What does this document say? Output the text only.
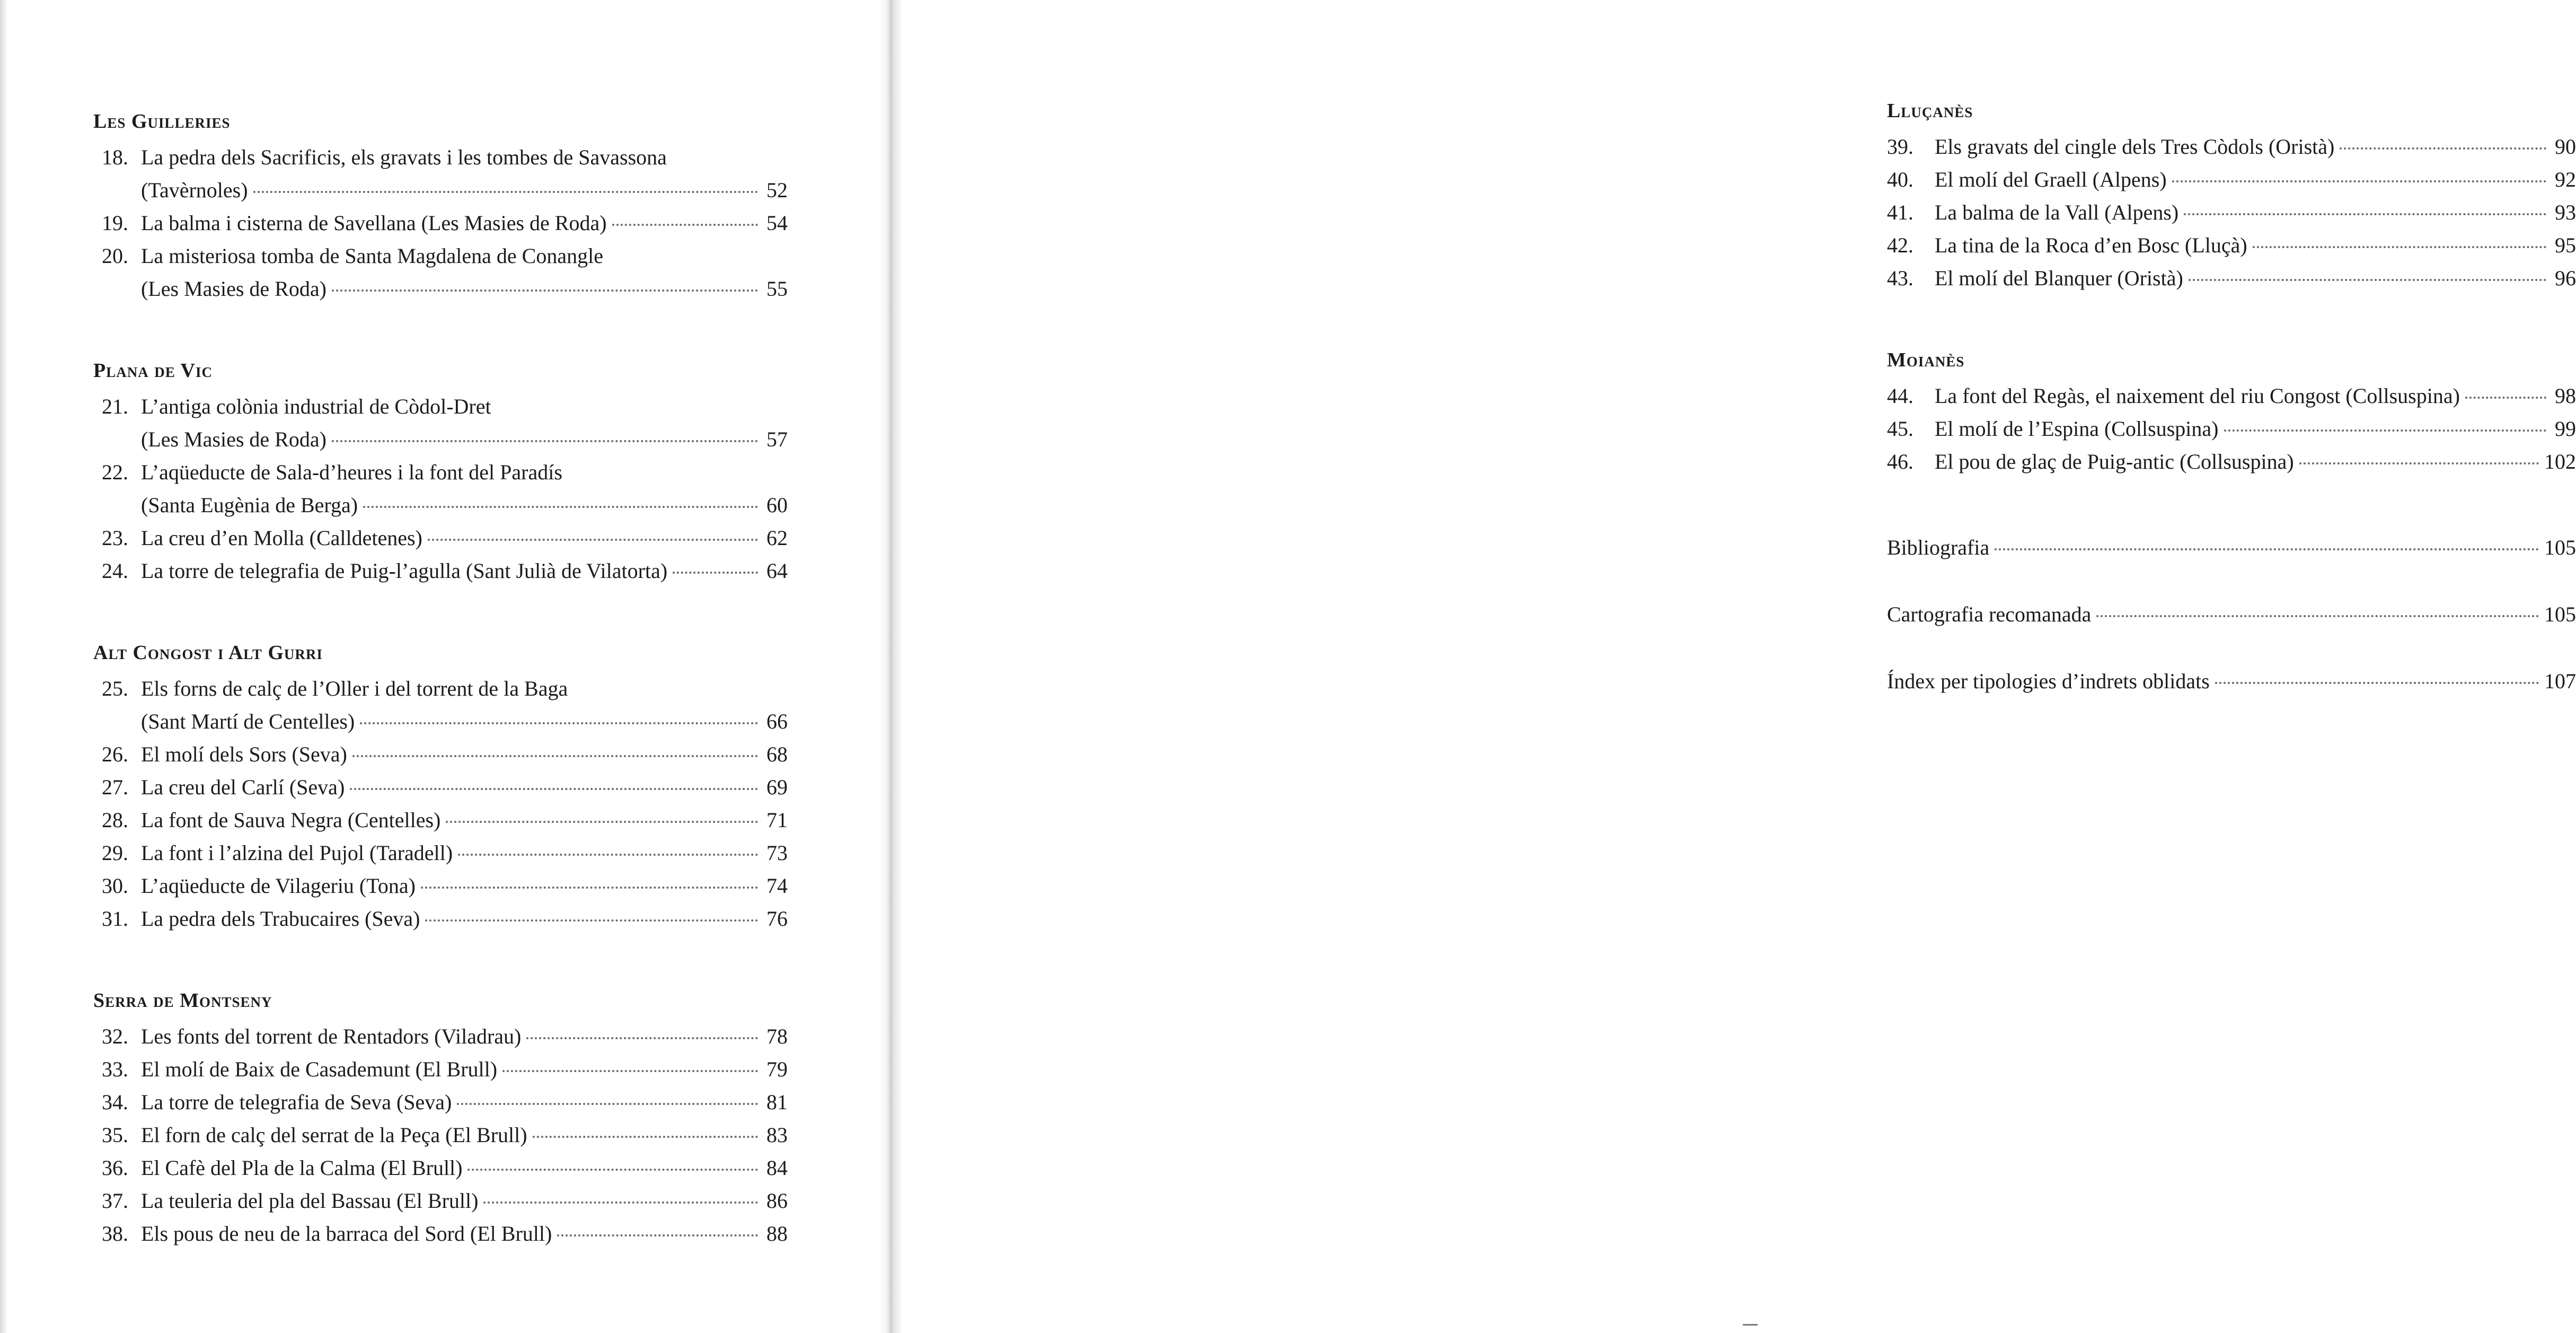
Les Guilleries
18. La pedra dels Sacrificis, els gravats i les tombes de Savassona
(Tavèrnoles)	52
19. La balma i cisterna de Savellana (Les Masies de Roda)	54
20. La misteriosa tomba de Santa Magdalena de Conangle
(Les Masies de Roda)	55
Plana de Vic
21. L’antiga colònia industrial de Còdol-Dret
(Les Masies de Roda)	57
22. L’aqüeducte de Sala-d’heures i la font del Paradís
(Santa Eugènia de Berga)	60
23. La creu d’en Molla (Calldetenes)	62
24. La torre de telegrafia de Puig-l’agulla (Sant Julià de Vilatorta)	64
Alt Congost i Alt Gurri
25. Els forns de calç de l’Oller i del torrent de la Baga
(Sant Martí de Centelles)	66
26. El molí dels Sors (Seva)	68
27. La creu del Carlí (Seva)	69
28. La font de Sauva Negra (Centelles)	71
29. La font i l’alzina del Pujol (Taradell)	73
30. L’aqüeducte de Vilageriu (Tona)	74
31. La pedra dels Trabucaires (Seva)	76
Serra de Montseny
32. Les fonts del torrent de Rentadors (Viladrau)	78
33. El molí de Baix de Casademunt (El Brull)	79
34. La torre de telegrafia de Seva (Seva)	81
35. El forn de calç del serrat de la Peça (El Brull)	83
36. El Cafè del Pla de la Calma (El Brull)	84
37. La teuleria del pla del Bassau (El Brull)	86
38. Els pous de neu de la barraca del Sord (El Brull)	88
Lluçanès
39.	Els gravats del cingle dels Tres Còdols (Oristà)	90
40.	El molí del Graell (Alpens)	92
41.	La balma de la Vall (Alpens)	93
42.	La tina de la Roca d’en Bosc (Lluçà)	95
43.	El molí del Blanquer (Oristà)	96
Moianès
44.	La font del Regàs, el naixement del riu Congost (Collsuspina)	98
45.	El molí de l’Espina (Collsuspina)	99
46.	El pou de glaç de Puig-antic (Collsuspina)	102
Bibliografia	105
Cartografia recomanada	105
Índex per tipologies d’indrets oblidats	107
